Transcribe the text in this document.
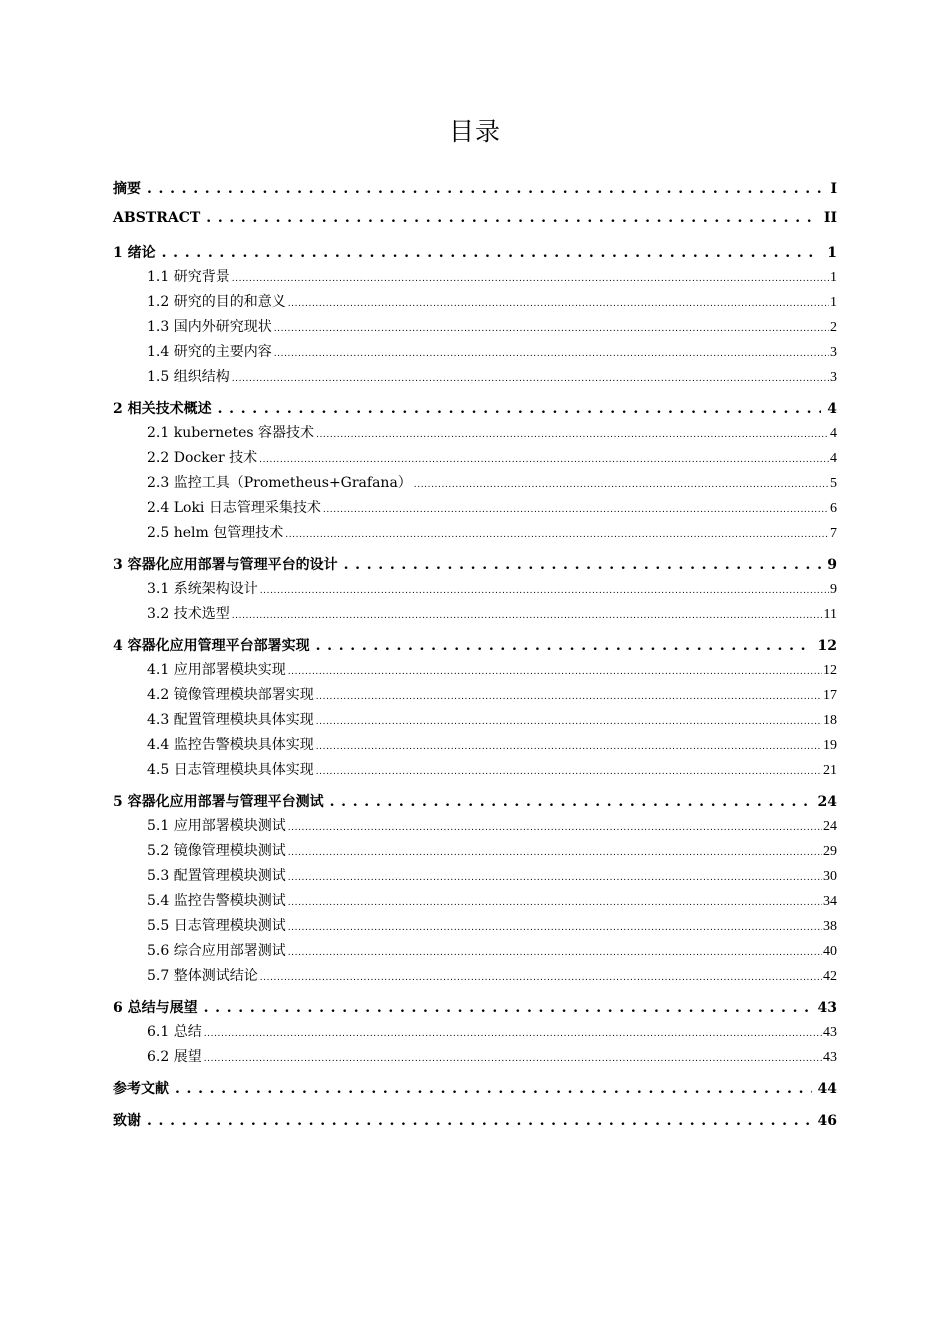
目录
摘要 . . .	I
ABSTRACT . . .	II
1 绪论 . . .	1
1.1 研究背景 .....	1
1.2 研究的目的和意义 .....	1
1.3 国内外研究现状 .....	2
1.4 研究的主要内容 .....	3
1.5 组织结构 .....	3
2 相关技术概述 . . .	4
2.1 kubernetes 容器技术 .....	4
2.2 Docker 技术 .....	4
2.3 监控工具（Prometheus+Grafana） .....	5
2.4 Loki 日志管理采集技术 .....	6
2.5 helm 包管理技术 .....	7
3 容器化应用部署与管理平台的设计 . . .	9
3.1 系统架构设计 .....	9
3.2 技术选型 .....	11
4 容器化应用管理平台部署实现 . . .	12
4.1 应用部署模块实现 .....	12
4.2 镜像管理模块部署实现 .....	17
4.3 配置管理模块具体实现 .....	18
4.4 监控告警模块具体实现 .....	19
4.5 日志管理模块具体实现 .....	21
5 容器化应用部署与管理平台测试 . . .	24
5.1 应用部署模块测试 .....	24
5.2 镜像管理模块测试 .....	29
5.3 配置管理模块测试 .....	30
5.4 监控告警模块测试 .....	34
5.5 日志管理模块测试 .....	38
5.6 综合应用部署测试 .....	40
5.7 整体测试结论 .....	42
6 总结与展望 . . .	43
6.1 总结 .....	43
6.2 展望 .....	43
参考文献 . . .	44
致谢 . . .	46
